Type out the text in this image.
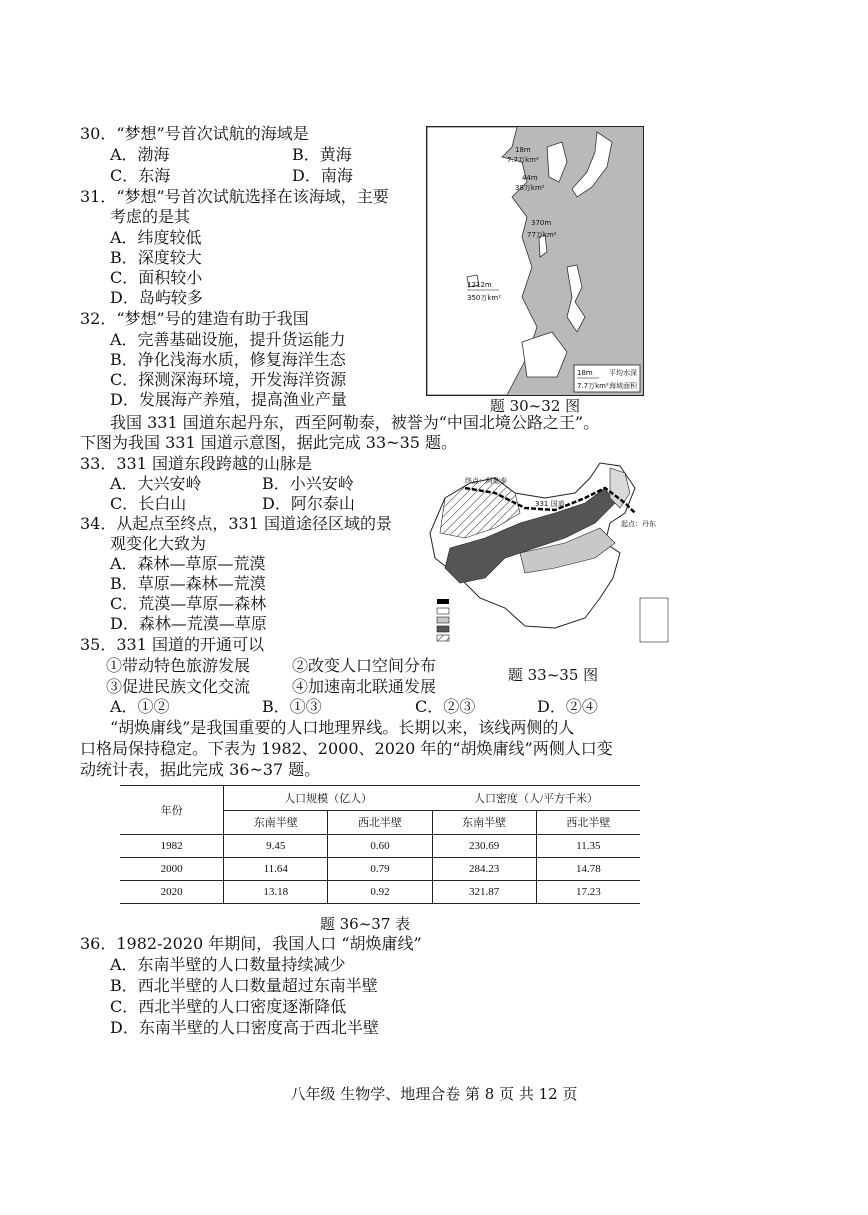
30．“梦想”号首次试航的海域是
A．渤海	B．黄海
C．东海	D．南海
31．“梦想”号首次试航选择在该海域，主要
考虑的是其
A．纬度较低
B．深度较大
C．面积较小
D．岛屿较多
32．“梦想”号的建造有助于我国
A．完善基础设施，提升货运能力
B．净化浅海水质，修复海洋生态
C．探测深海环境，开发海洋资源
D．发展海产养殖，提高渔业产量
18m
7.7万km²
44m
38万km²
370m
77万km²
1212m
350万km²
18m
7.7万km²
平均水深
海域面积
题 30~32 图
我国 331 国道东起丹东，西至阿勒泰，被誉为“中国北境公路之王”。
下图为我国 331 国道示意图，据此完成 33~35 题。
33．331 国道东段跨越的山脉是
A．大兴安岭	B．小兴安岭
C．长白山	D．阿尔泰山
34．从起点至终点，331 国道途径区域的景
观变化大致为
A．森林—草原—荒漠
B．草原—森林—荒漠
C．荒漠—草原—森林
D．森林—荒漠—草原
35．331 国道的开通可以
①带动特色旅游发展	②改变人口空间分布
③促进民族文化交流	④加速南北联通发展
A．①②	B．①③	C．②③	D．②④
终点：阿勒泰
331 国道
起点：丹东
题 33~35 图
“胡焕庸线”是我国重要的人口地理界线。长期以来，该线两侧的人
口格局保持稳定。下表为 1982、2000、2020 年的“胡焕庸线”两侧人口变
动统计表，据此完成 36~37 题。
年份	人口规模（亿人）		人口密度（人/平方千米）	
	东南半壁	西北半壁	东南半壁	西北半壁
1982	9.45	0.60	230.69	11.35
2000	11.64	0.79	284.23	14.78
2020	13.18	0.92	321.87	17.23
题 36~37 表
36．1982-2020 年期间，我国人口 “胡焕庸线”
A．东南半壁的人口数量持续减少
B．西北半壁的人口数量超过东南半壁
C．西北半壁的人口密度逐渐降低
D．东南半壁的人口密度高于西北半壁
八年级 生物学、地理合卷 第 8 页 共 12 页
